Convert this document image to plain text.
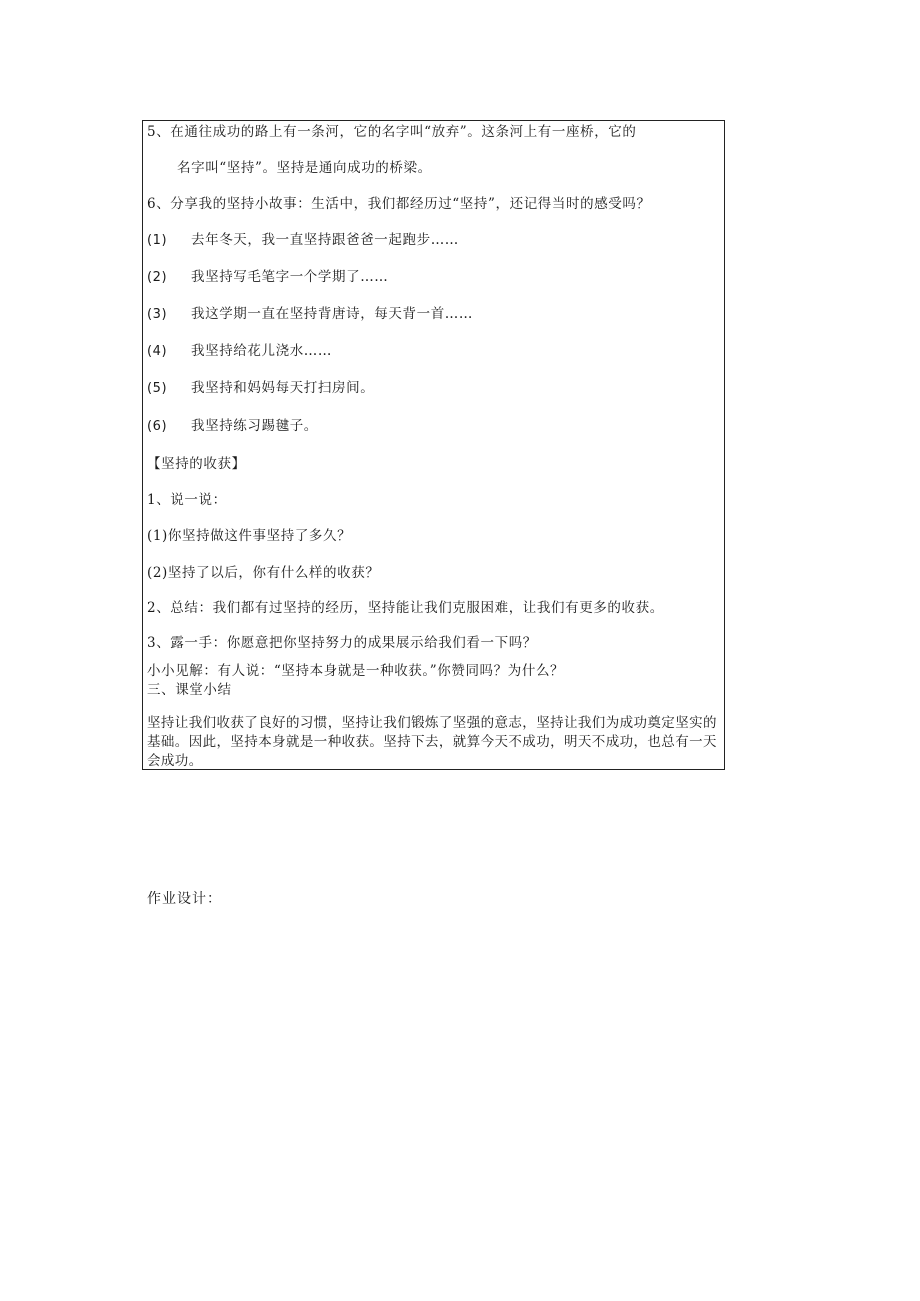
5、在通往成功的路上有一条河，它的名字叫“放弃”。这条河上有一座桥，它的
名字叫“坚持”。坚持是通向成功的桥梁。
6、分享我的坚持小故事：生活中，我们都经历过“坚持”，还记得当时的感受吗？
(1) 去年冬天，我一直坚持跟爸爸一起跑步……
(2) 我坚持写毛笔字一个学期了……
(3) 我这学期一直在坚持背唐诗，每天背一首……
(4) 我坚持给花儿浇水……
(5) 我坚持和妈妈每天打扫房间。
(6) 我坚持练习踢毽子。
【坚持的收获】
1、说一说：
(1)你坚持做这件事坚持了多久？
(2)坚持了以后，你有什么样的收获？
2、总结：我们都有过坚持的经历，坚持能让我们克服困难，让我们有更多的收获。
3、露一手：你愿意把你坚持努力的成果展示给我们看一下吗？
小小见解：有人说：“坚持本身就是一种收获。”你赞同吗？为什么？
三、课堂小结
坚持让我们收获了良好的习惯，坚持让我们锻炼了坚强的意志，坚持让我们为成功奠定坚实的基础。因此，坚持本身就是一种收获。坚持下去，就算今天不成功，明天不成功，也总有一天会成功。
作业设计：
